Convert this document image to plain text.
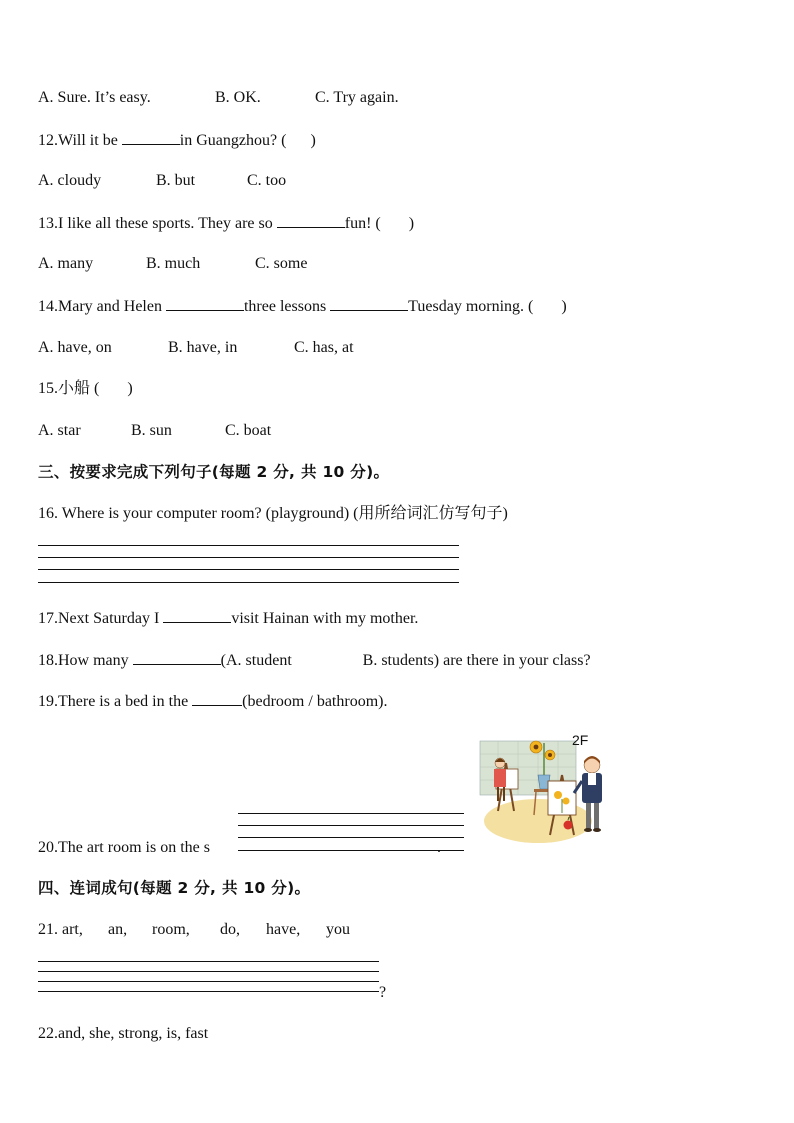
A. Sure. It’s easy.	B. OK.	C. Try again.
12.Will it be	in Guangzhou? ( )
A. cloudy	B. but	C. too
13.I like all these sports. They are so	fun! ( )
A. many	B. much	C. some
14.Mary and Helen	three lessons	Tuesday morning. ( )
A. have, on	B. have, in	C. has, at
15.小船 ( )
A. star	B. sun	C. boat
三、按要求完成下列句子(每题 2 分, 共 10 分)。
16. Where is your computer room? (playground) (用所给词汇仿写句子)
17.Next Saturday I	visit Hainan with my mother.
18.How many	(A. student	B. students) are there in your class?
19.There is a bed in the	(bedroom / bathroom).
2F
20.The art room is on the s	.
四、连词成句(每题 2 分, 共 10 分)。
21. art, an, room, do, have, you
?
22.and, she, strong, is, fast
